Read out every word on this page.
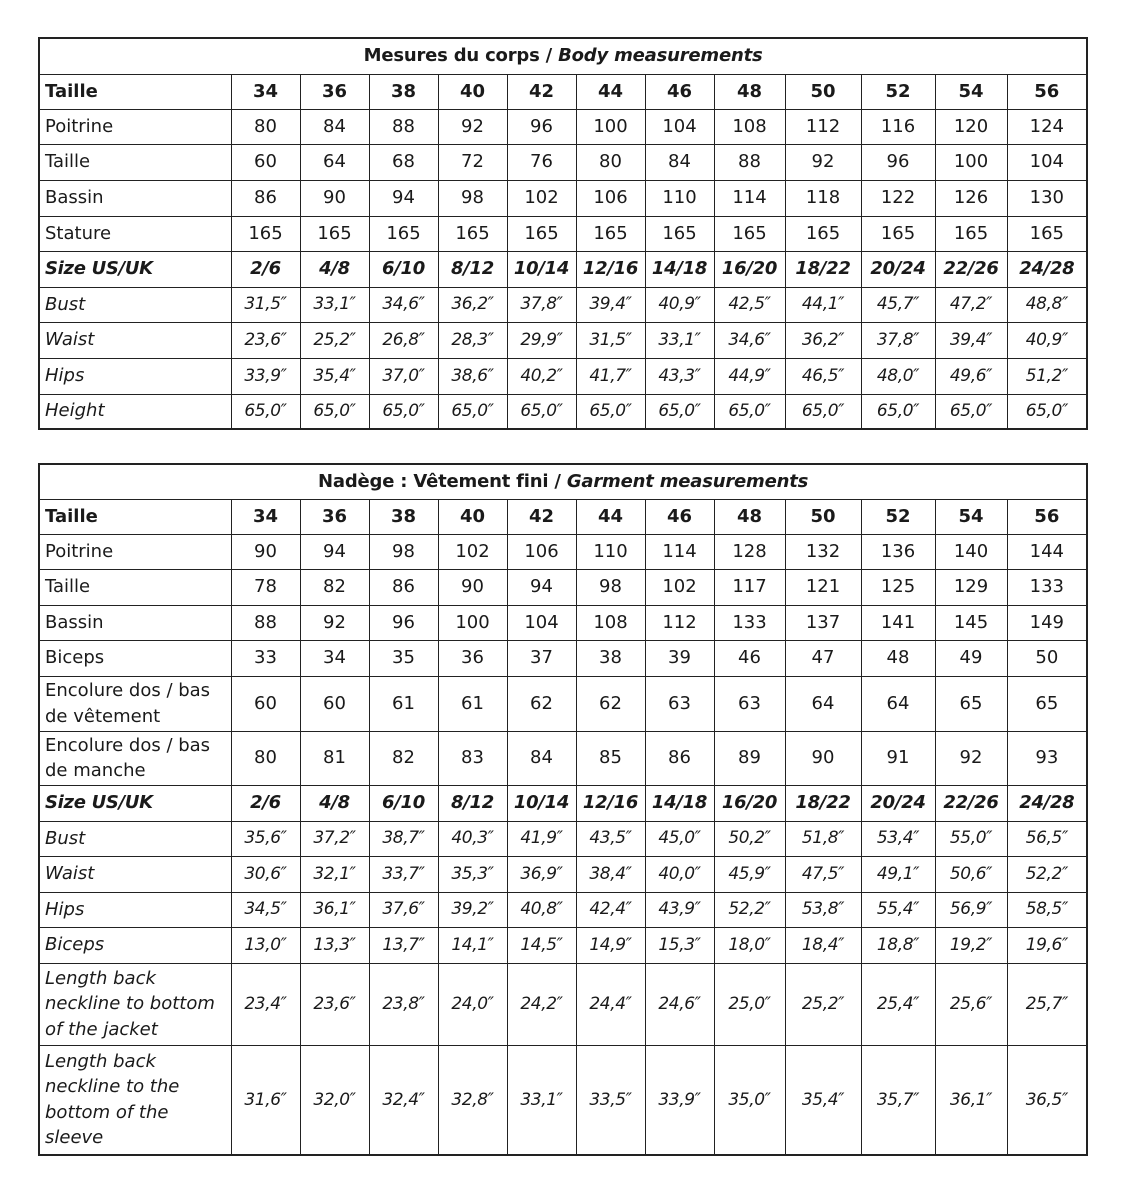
Mesures du corps / Body measurements												
Taille	34	36	38	40	42	44	46	48	50	52	54	56
Poitrine	80	84	88	92	96	100	104	108	112	116	120	124
Taille	60	64	68	72	76	80	84	88	92	96	100	104
Bassin	86	90	94	98	102	106	110	114	118	122	126	130
Stature	165	165	165	165	165	165	165	165	165	165	165	165
Size US/UK	2/6	4/8	6/10	8/12	10/14	12/16	14/18	16/20	18/22	20/24	22/26	24/28
Bust	31,5″	33,1″	34,6″	36,2″	37,8″	39,4″	40,9″	42,5″	44,1″	45,7″	47,2″	48,8″
Waist	23,6″	25,2″	26,8″	28,3″	29,9″	31,5″	33,1″	34,6″	36,2″	37,8″	39,4″	40,9″
Hips	33,9″	35,4″	37,0″	38,6″	40,2″	41,7″	43,3″	44,9″	46,5″	48,0″	49,6″	51,2″
Height	65,0″	65,0″	65,0″	65,0″	65,0″	65,0″	65,0″	65,0″	65,0″	65,0″	65,0″	65,0″
Nadège : Vêtement fini / Garment measurements												
Taille	34	36	38	40	42	44	46	48	50	52	54	56
Poitrine	90	94	98	102	106	110	114	128	132	136	140	144
Taille	78	82	86	90	94	98	102	117	121	125	129	133
Bassin	88	92	96	100	104	108	112	133	137	141	145	149
Biceps	33	34	35	36	37	38	39	46	47	48	49	50
Encolure dos / bas de vêtement	60	60	61	61	62	62	63	63	64	64	65	65
Encolure dos / bas de manche	80	81	82	83	84	85	86	89	90	91	92	93
Size US/UK	2/6	4/8	6/10	8/12	10/14	12/16	14/18	16/20	18/22	20/24	22/26	24/28
Bust	35,6″	37,2″	38,7″	40,3″	41,9″	43,5″	45,0″	50,2″	51,8″	53,4″	55,0″	56,5″
Waist	30,6″	32,1″	33,7″	35,3″	36,9″	38,4″	40,0″	45,9″	47,5″	49,1″	50,6″	52,2″
Hips	34,5″	36,1″	37,6″	39,2″	40,8″	42,4″	43,9″	52,2″	53,8″	55,4″	56,9″	58,5″
Biceps	13,0″	13,3″	13,7″	14,1″	14,5″	14,9″	15,3″	18,0″	18,4″	18,8″	19,2″	19,6″
Length back neckline to bottom of the jacket	23,4″	23,6″	23,8″	24,0″	24,2″	24,4″	24,6″	25,0″	25,2″	25,4″	25,6″	25,7″
Length back neckline to the bottom of the sleeve	31,6″	32,0″	32,4″	32,8″	33,1″	33,5″	33,9″	35,0″	35,4″	35,7″	36,1″	36,5″
